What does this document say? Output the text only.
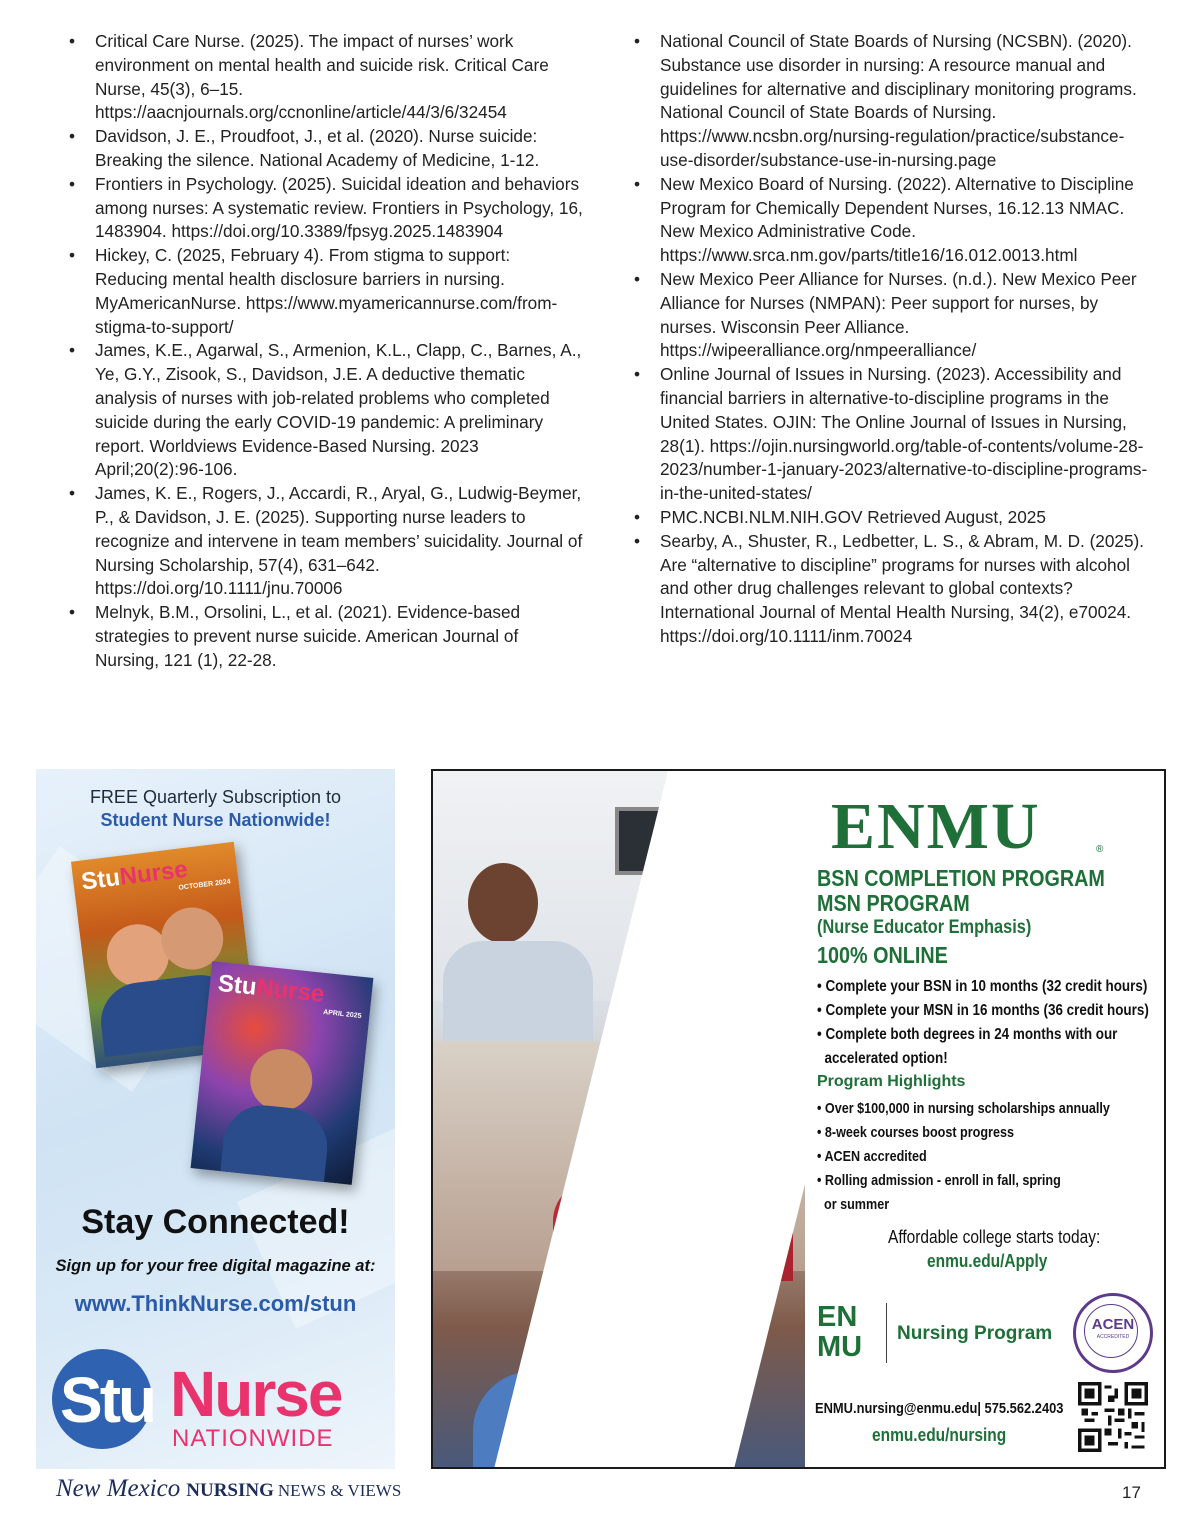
• Critical Care Nurse. (2025). The impact of nurses’ work environment on mental health and suicide risk. Critical Care Nurse, 45(3), 6–15. https://aacnjournals.org/ccnonline/article/44/3/6/32454
• Davidson, J. E., Proudfoot, J., et al. (2020). Nurse suicide: Breaking the silence. National Academy of Medicine, 1-12.
• Frontiers in Psychology. (2025). Suicidal ideation and behaviors among nurses: A systematic review. Frontiers in Psychology, 16, 1483904. https://doi.org/10.3389/fpsyg.2025.1483904
• Hickey, C. (2025, February 4). From stigma to support: Reducing mental health disclosure barriers in nursing. MyAmericanNurse. https://www.myamericannurse.com/from-stigma-to-support/
• James, K.E., Agarwal, S., Armenion, K.L., Clapp, C., Barnes, A., Ye, G.Y., Zisook, S., Davidson, J.E. A deductive thematic analysis of nurses with job-related problems who completed suicide during the early COVID-19 pandemic: A preliminary report. Worldviews Evidence-Based Nursing. 2023 April;20(2):96-106.
• James, K. E., Rogers, J., Accardi, R., Aryal, G., Ludwig-Beymer, P., & Davidson, J. E. (2025). Supporting nurse leaders to recognize and intervene in team members’ suicidality. Journal of Nursing Scholarship, 57(4), 631–642. https://doi.org/10.1111/jnu.70006
• Melnyk, B.M., Orsolini, L., et al. (2021). Evidence-based strategies to prevent nurse suicide. American Journal of Nursing, 121 (1), 22-28.
• National Council of State Boards of Nursing (NCSBN). (2020). Substance use disorder in nursing: A resource manual and guidelines for alternative and disciplinary monitoring programs. National Council of State Boards of Nursing. https://www.ncsbn.org/nursing-regulation/practice/substance-use-disorder/substance-use-in-nursing.page
• New Mexico Board of Nursing. (2022). Alternative to Discipline Program for Chemically Dependent Nurses, 16.12.13 NMAC. New Mexico Administrative Code. https://www.srca.nm.gov/parts/title16/16.012.0013.html
• New Mexico Peer Alliance for Nurses. (n.d.). New Mexico Peer Alliance for Nurses (NMPAN): Peer support for nurses, by nurses. Wisconsin Peer Alliance. https://wipeeralliance.org/nmpeeralliance/
• Online Journal of Issues in Nursing. (2023). Accessibility and financial barriers in alternative-to-discipline programs in the United States. OJIN: The Online Journal of Issues in Nursing, 28(1). https://ojin.nursingworld.org/table-of-contents/volume-28-2023/number-1-january-2023/alternative-to-discipline-programs-in-the-united-states/
• PMC.NCBI.NLM.NIH.GOV Retrieved August, 2025
• Searby, A., Shuster, R., Ledbetter, L. S., & Abram, M. D. (2025). Are “alternative to discipline” programs for nurses with alcohol and other drug challenges relevant to global contexts? International Journal of Mental Health Nursing, 34(2), e70024. https://doi.org/10.1111/inm.70024
FREE Quarterly Subscription to
Student Nurse Nationwide!
StuNurse
OCTOBER 2024
StuNurse
APRIL 2025
Stay Connected!
Sign up for your free digital magazine at:
www.ThinkNurse.com/stun
Stu Nurse
NATIONWIDE
ENMU	®
BSN COMPLETION PROGRAM
MSN PROGRAM
(Nurse Educator Emphasis)
100% ONLINE
• Complete your BSN in 10 months (32 credit hours)
• Complete your MSN in 16 months (36 credit hours)
• Complete both degrees in 24 months with our
accelerated option!
Program Highlights
• Over $100,000 in nursing scholarships annually
• 8-week courses boost progress
• ACEN accredited
• Rolling admission - enroll in fall, spring
or summer
Affordable college starts today:
enmu.edu/Apply
EN
MU Nursing Program	ACEN
ACCREDITED
ENMU.nursing@enmu.edu| 575.562.2403
enmu.edu/nursing
New Mexico NURSING NEWS & VIEWS	17
